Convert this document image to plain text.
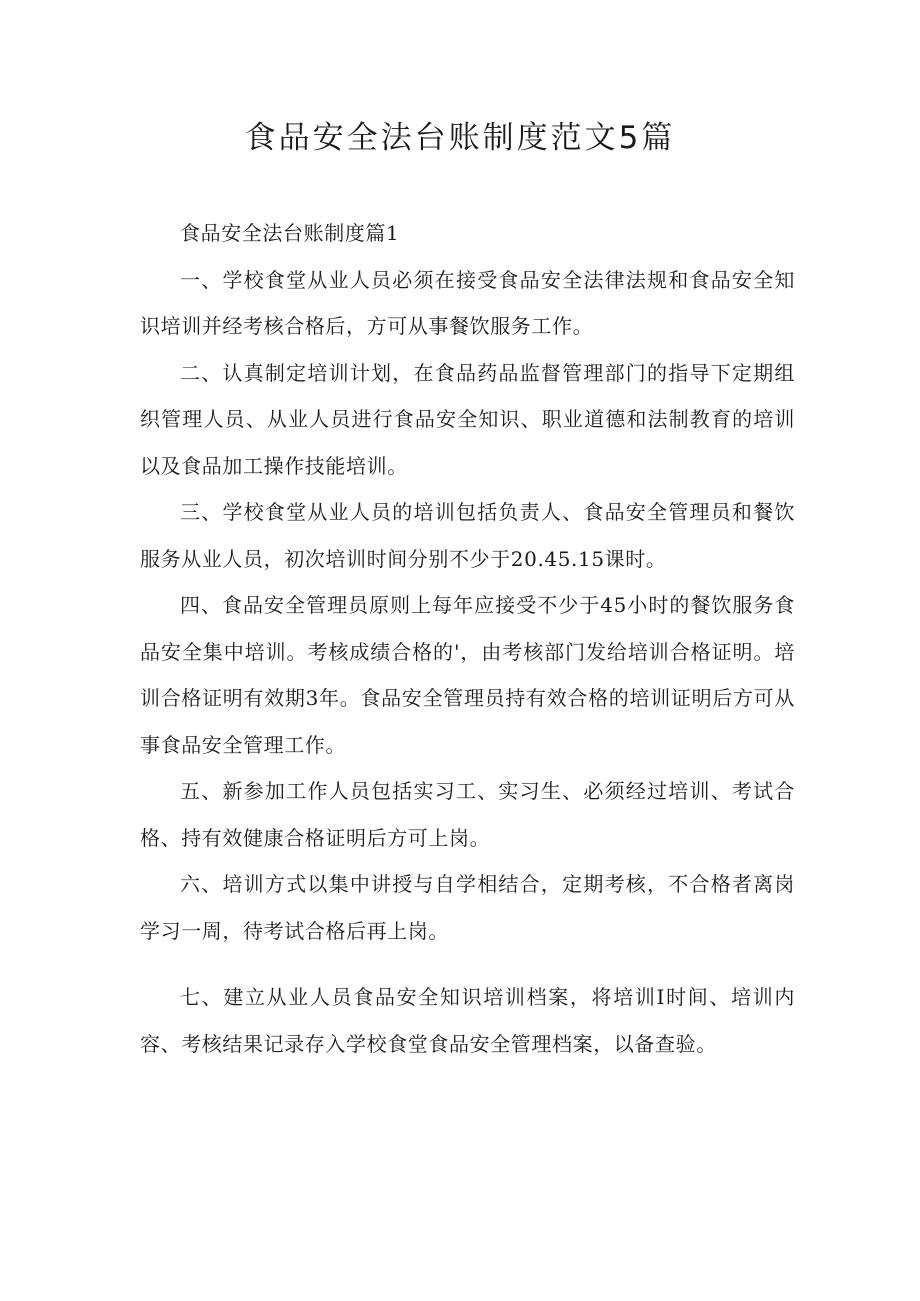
食品安全法台账制度范文5篇

食品安全法台账制度篇1

一、学校食堂从业人员必须在接受食品安全法律法规和食品安全知识培训并经考核合格后，方可从事餐饮服务工作。

二、认真制定培训计划，在食品药品监督管理部门的指导下定期组织管理人员、从业人员进行食品安全知识、职业道德和法制教育的培训以及食品加工操作技能培训。

三、学校食堂从业人员的培训包括负责人、食品安全管理员和餐饮服务从业人员，初次培训时间分别不少于20.45.15课时。

四、食品安全管理员原则上每年应接受不少于45小时的餐饮服务食品安全集中培训。考核成绩合格的'，由考核部门发给培训合格证明。培训合格证明有效期3年。食品安全管理员持有效合格的培训证明后方可从事食品安全管理工作。

五、新参加工作人员包括实习工、实习生、必须经过培训、考试合格、持有效健康合格证明后方可上岗。

六、培训方式以集中讲授与自学相结合，定期考核，不合格者离岗学习一周，待考试合格后再上岗。

七、建立从业人员食品安全知识培训档案，将培训I时间、培训内容、考核结果记录存入学校食堂食品安全管理档案，以备查验。
